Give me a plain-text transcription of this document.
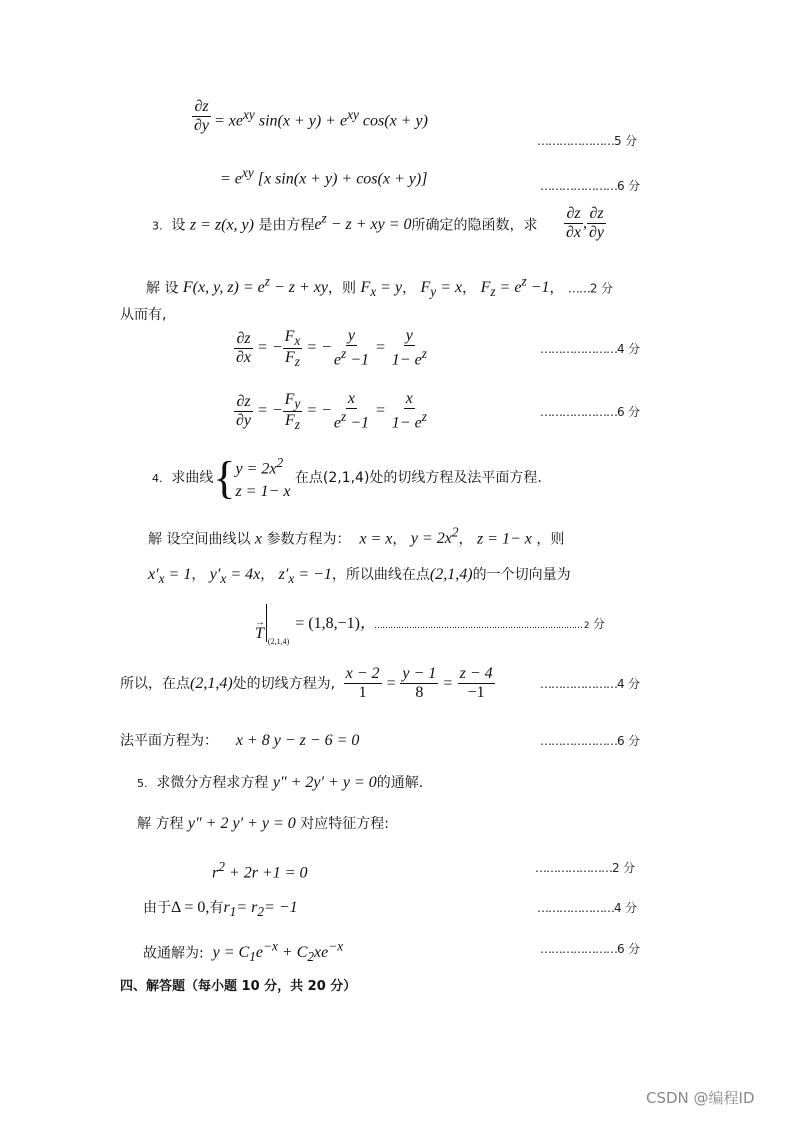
$\frac{\partial z}{\partial y} = xe^{xy}$ $\sin(x + y) + e^{xy}$ cos(x + y)
…………………5 分
= $e^{xy}$ [x sin(x + y) + cos(x + y)]	…………………6 分
3. 设 z = z(x, y) 是由方程$e^z - z$ + xy = 0所确定的隐函数，求 $\frac{\partial z}{\partial x}$ , $\frac{\partial z}{\partial y}$
解 设 F(x, y, $z) = e^z - z$ + xy，则 $F_x = y$， $F_y = x$， $F_z = e^z -1$， ……2 分
从而有,
$\frac{\partial z}{\partial x}$ = − $\frac{F_x}{F_z}$ = − $\frac{y}{e^z -1} = \frac{y}{1- e^z}$	…………………4 分
$\frac{\partial z}{\partial y}$ = − $\frac{F_y}{F_z}$ = − $\frac{x}{e^z -1} = \frac{x}{1- e^z}$	…………………6 分
4.
求曲线 { $y = 2x^2$
z = 1− x

在点(2,1,4)处的切线方程及法平面方程.
解 设空间曲线以 x 参数方程为： x = x， $y = 2x^2$， z = 1− x ，则
$x'_x = 1$， $y'_x = 4x$， $z'_x = -1$，所以曲线在点(2,1,4)的一个切向量为
→
T (2,1,4)
= (1,8,−1) ，
…………………………………………………………………… 2 分
所以，在点 (2,1,4) 处的切线方程为,
$\frac{x - 2}{1} = \frac{y - 1}{8} = \frac{z - 4}{-1}$	…………………4 分
法平面方程为： x + 8 y − z − 6 = 0	…………………6 分
5. 求微分方程求方程 y″ + 2y′ + y = 0的通解.
解 方程 y″ + 2 y′ + y = 0 对应特征方程:
$r^2 + 2r +1 = 0$	…………………2 分
由于Δ = 0,有$r_1= r_2= -1$	…………………4 分
故通解为: $y = C_1e^{-x} + C_2xe^{-x}$	…………………6 分
四、解答题（每小题 10 分，共 20 分）
CSDN @编程ID
